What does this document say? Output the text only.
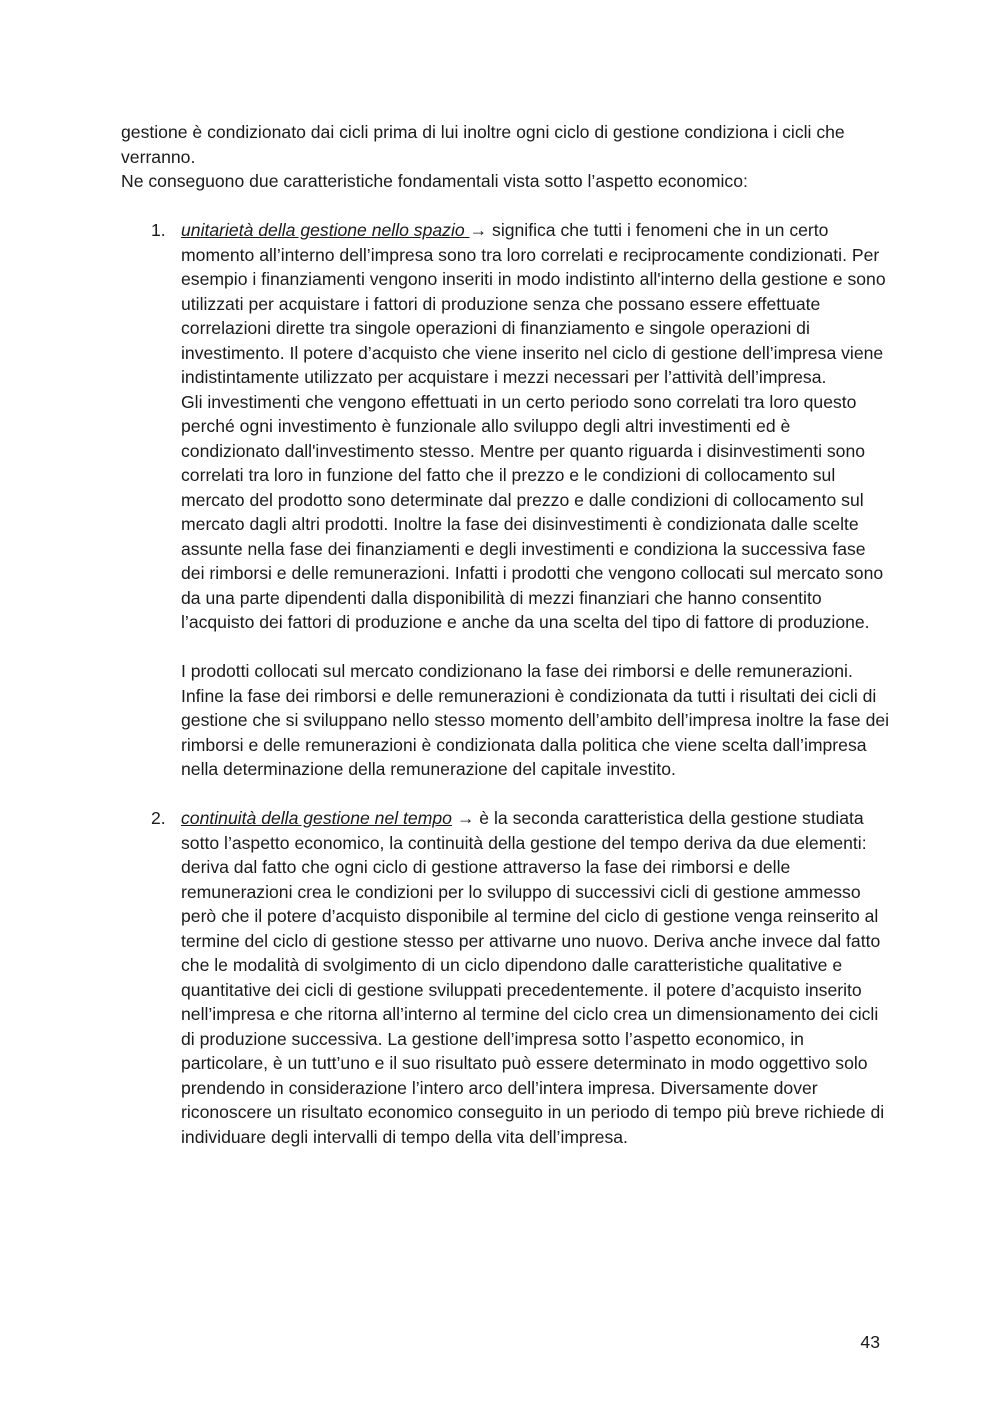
gestione è condizionato dai cicli prima di lui inoltre ogni ciclo di gestione condiziona i cicli che verranno.
Ne conseguono due caratteristiche fondamentali vista sotto l’aspetto economico:

1. unitarietà della gestione nello spazio → significa che tutti i fenomeni che in un certo momento all’interno dell’impresa sono tra loro correlati e reciprocamente condizionati. Per esempio i finanziamenti vengono inseriti in modo indistinto all'interno della gestione e sono utilizzati per acquistare i fattori di produzione senza che possano essere effettuate correlazioni dirette tra singole operazioni di finanziamento e singole operazioni di investimento. Il potere d’acquisto che viene inserito nel ciclo di gestione dell’impresa viene indistintamente utilizzato per acquistare i mezzi necessari per l’attività dell’impresa.

Gli investimenti che vengono effettuati in un certo periodo sono correlati tra loro questo perché ogni investimento è funzionale allo sviluppo degli altri investimenti ed è condizionato dall'investimento stesso. Mentre per quanto riguarda i disinvestimenti sono correlati tra loro in funzione del fatto che il prezzo e le condizioni di collocamento sul mercato del prodotto sono determinate dal prezzo e dalle condizioni di collocamento sul mercato dagli altri prodotti. Inoltre la fase dei disinvestimenti è condizionata dalle scelte assunte nella fase dei finanziamenti e degli investimenti e condiziona la successiva fase dei rimborsi e delle remunerazioni. Infatti i prodotti che vengono collocati sul mercato sono da una parte dipendenti dalla disponibilità di mezzi finanziari che hanno consentito l’acquisto dei fattori di produzione e anche da una scelta del tipo di fattore di produzione.

I prodotti collocati sul mercato condizionano la fase dei rimborsi e delle remunerazioni. Infine la fase dei rimborsi e delle remunerazioni è condizionata da tutti i risultati dei cicli di gestione che si sviluppano nello stesso momento dell’ambito dell’impresa inoltre la fase dei rimborsi e delle remunerazioni è condizionata dalla politica che viene scelta dall’impresa nella determinazione della remunerazione del capitale investito.

2. continuità della gestione nel tempo → è la seconda caratteristica della gestione studiata sotto l’aspetto economico, la continuità della gestione del tempo deriva da due elementi: deriva dal fatto che ogni ciclo di gestione attraverso la fase dei rimborsi e delle remunerazioni crea le condizioni per lo sviluppo di successivi cicli di gestione ammesso però che il potere d’acquisto disponibile al termine del ciclo di gestione venga reinserito al termine del ciclo di gestione stesso per attivarne uno nuovo. Deriva anche invece dal fatto che le modalità di svolgimento di un ciclo dipendono dalle caratteristiche qualitative e quantitative dei cicli di gestione sviluppati precedentemente. il potere d’acquisto inserito nell’impresa e che ritorna all’interno al termine del ciclo crea un dimensionamento dei cicli di produzione successiva. La gestione dell’impresa sotto l’aspetto economico, in particolare, è un tutt’uno e il suo risultato può essere determinato in modo oggettivo solo prendendo in considerazione l’intero arco dell’intera impresa. Diversamente dover riconoscere un risultato economico conseguito in un periodo di tempo più breve richiede di individuare degli intervalli di tempo della vita dell’impresa.

43
